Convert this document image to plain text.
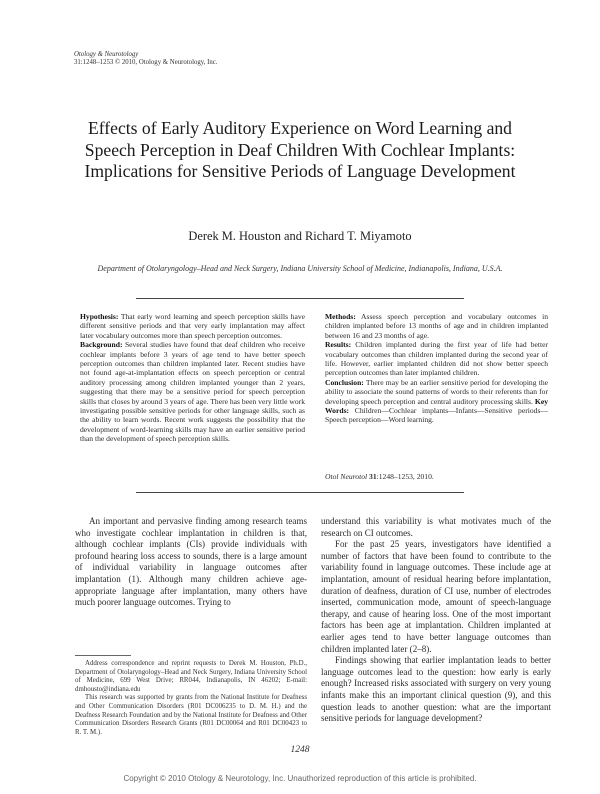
Otology & Neurotology
31:1248–1253 © 2010, Otology & Neurotology, Inc.
Effects of Early Auditory Experience on Word Learning and Speech Perception in Deaf Children With Cochlear Implants: Implications for Sensitive Periods of Language Development
Derek M. Houston and Richard T. Miyamoto
Department of Otolaryngology–Head and Neck Surgery, Indiana University School of Medicine, Indianapolis, Indiana, U.S.A.
Hypothesis: That early word learning and speech perception skills have different sensitive periods and that very early implantation may affect later vocabulary outcomes more than speech perception outcomes.
Background: Several studies have found that deaf children who receive cochlear implants before 3 years of age tend to have better speech perception outcomes than children implanted later. Recent studies have not found age-at-implantation effects on speech perception or central auditory processing among children implanted younger than 2 years, suggesting that there may be a sensitive period for speech perception skills that closes by around 3 years of age. There has been very little work investigating possible sensitive periods for other language skills, such as the ability to learn words. Recent work suggests the possibility that the development of word-learning skills may have an earlier sensitive period than the development of speech perception skills.
Methods: Assess speech perception and vocabulary outcomes in children implanted before 13 months of age and in children implanted between 16 and 23 months of age.
Results: Children implanted during the first year of life had better vocabulary outcomes than children implanted during the second year of life. However, earlier implanted children did not show better speech perception outcomes than later implanted children.
Conclusion: There may be an earlier sensitive period for developing the ability to associate the sound patterns of words to their referents than for developing speech perception and central auditory processing skills. Key Words: Children—Cochlear implants—Infants—Sensitive periods—Speech perception—Word learning.
Otol Neurotol 31:1248–1253, 2010.

An important and pervasive finding among research teams who investigate cochlear implantation in children is that, although cochlear implants (CIs) provide individuals with profound hearing loss access to sounds, there is a large amount of individual variability in language outcomes after implantation (1). Although many children achieve age-appropriate language after implantation, many others have much poorer language outcomes. Trying to

understand this variability is what motivates much of the research on CI outcomes.

For the past 25 years, investigators have identified a number of factors that have been found to contribute to the variability found in language outcomes. These include age at implantation, amount of residual hearing before implantation, duration of deafness, duration of CI use, number of electrodes inserted, communication mode, amount of speech-language therapy, and cause of hearing loss. One of the most important factors has been age at implantation. Children implanted at earlier ages tend to have better language outcomes than children implanted later (2–8).

Findings showing that earlier implantation leads to better language outcomes lead to the question: how early is early enough? Increased risks associated with surgery on very young infants make this an important clinical question (9), and this question leads to another question: what are the important sensitive periods for language development?

Address correspondence and reprint requests to Derek M. Houston, Ph.D., Department of Otolaryngology–Head and Neck Surgery, Indiana University School of Medicine, 699 West Drive; RR044, Indianapolis, IN 46202; E-mail: dmhousto@indiana.edu

This research was supported by grants from the National Institute for Deafness and Other Communication Disorders (R01 DC006235 to D. M. H.) and the Deafness Research Foundation and by the National Institute for Deafness and Other Communication Disorders Research Grants (R01 DC00064 and R01 DC00423 to R. T. M.).

1248
Copyright © 2010 Otology & Neurotology, Inc. Unauthorized reproduction of this article is prohibited.
